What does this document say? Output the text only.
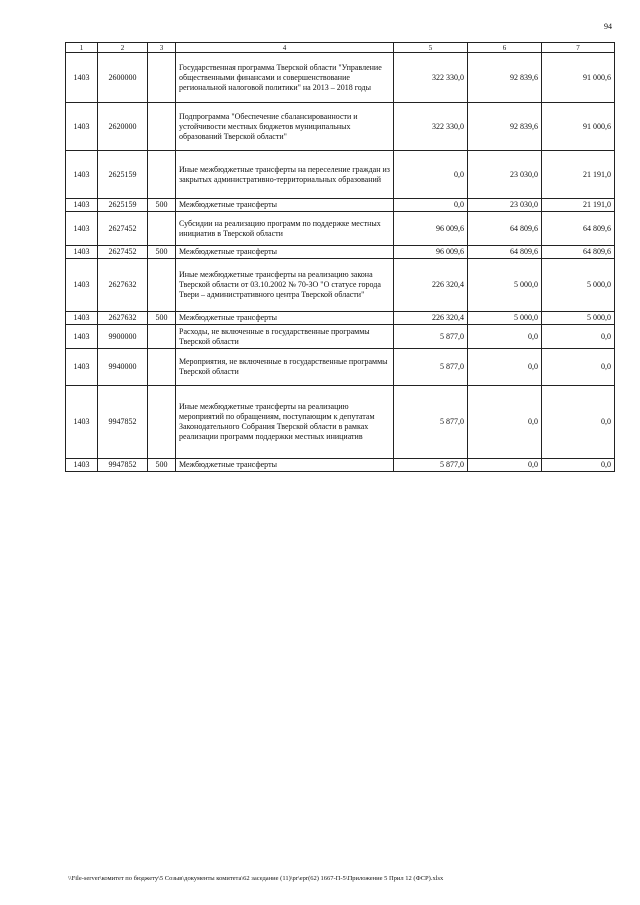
94
1	2	3	4	5	6	7
1403	2600000		Государственная программа Тверской области "Управление общественными финансами и совершенствование региональной налоговой политики" на 2013 – 2018 годы	322 330,0	92 839,6	91 000,6
1403	2620000		Подпрограмма "Обеспечение сбалансированности и устойчивости местных бюджетов муниципальных образований Тверской области"	322 330,0	92 839,6	91 000,6
1403	2625159		Иные межбюджетные трансферты на переселение граждан из закрытых административно-территориальных образований	0,0	23 030,0	21 191,0
1403	2625159	500	Межбюджетные трансферты	0,0	23 030,0	21 191,0
1403	2627452		Субсидии на реализацию программ по поддержке местных инициатив в Тверской области	96 009,6	64 809,6	64 809,6
1403	2627452	500	Межбюджетные трансферты	96 009,6	64 809,6	64 809,6
1403	2627632		Иные межбюджетные трансферты на реализацию закона Тверской области от 03.10.2002 № 70-ЗО "О статусе города Твери – административного центра Тверской области"	226 320,4	5 000,0	5 000,0
1403	2627632	500	Межбюджетные трансферты	226 320,4	5 000,0	5 000,0
1403	9900000		Расходы, не включенные в государственные программы Тверской области	5 877,0	0,0	0,0
1403	9940000		Мероприятия, не включенные в государственные программы Тверской области	5 877,0	0,0	0,0
1403	9947852		Иные межбюджетные трансферты на реализацию мероприятий по обращениям, поступающим к депутатам Законодательного Собрания Тверской области в рамках реализации программ поддержки местных инициатив	5 877,0	0,0	0,0
1403	9947852	500	Межбюджетные трансферты	5 877,0	0,0	0,0
\\File-server\комитет по бюджету\5 Созыв\документы комитета\62 заседание (11)\pr\epr(62) 1667-П-5\Приложение 5 Прил 12 (ФСР).xlsx
